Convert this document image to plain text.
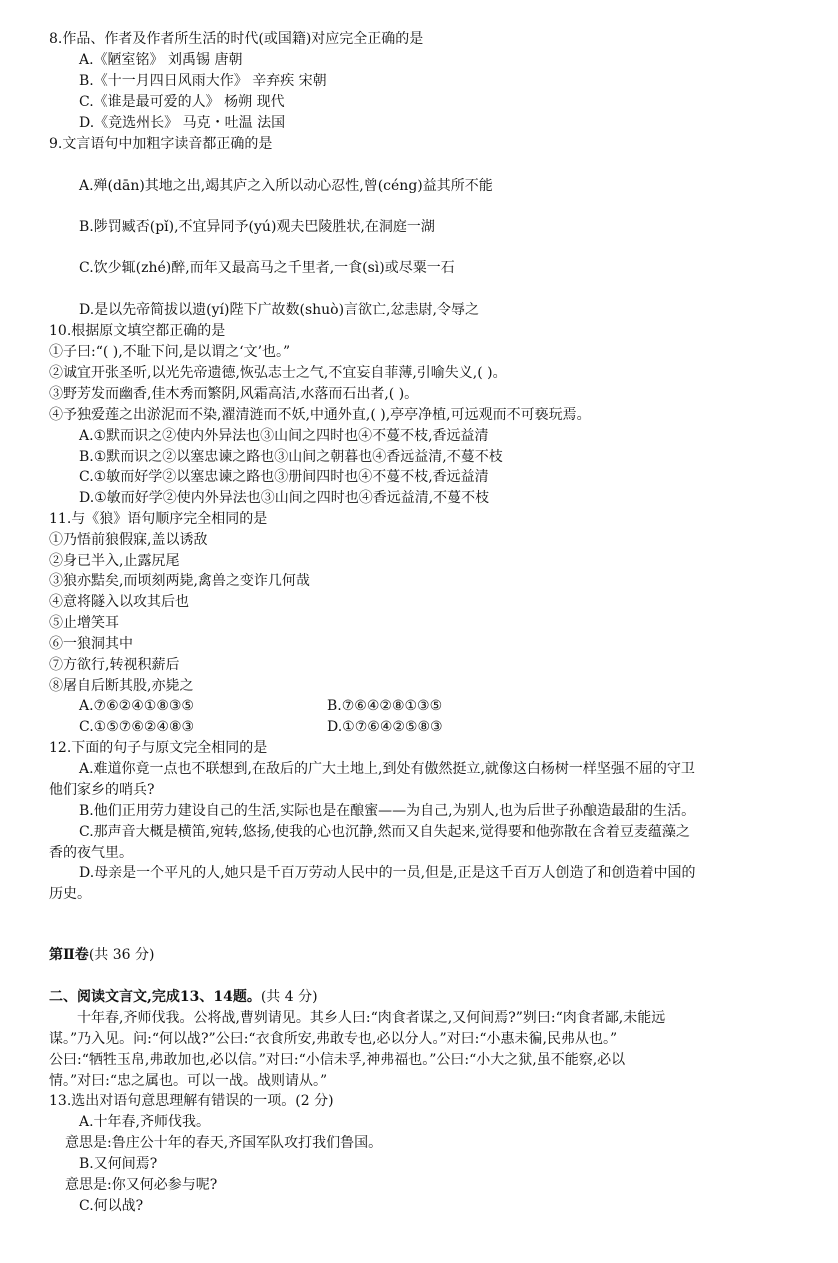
8.作品、作者及作者所生活的时代(或国籍)对应完全正确的是
A.《陋室铭》 刘禹锡 唐朝
B.《十一月四日风雨大作》 辛弃疾 宋朝
C.《谁是最可爱的人》 杨朔 现代
D.《竞选州长》 马克・吐温 法国
9.文言语句中加粗字读音都正确的是
A.殚(dān)其地之出,竭其庐之入所以动心忍性,曾(céng)益其所不能
B.陟罚臧否(pǐ),不宜异同予(yú)观夫巴陵胜状,在洞庭一湖
C.饮少辄(zhé)醉,而年又最高马之千里者,一食(sì)或尽粟一石
D.是以先帝简拔以遗(yí)陛下广故数(shuò)言欲亡,忿恚尉,令辱之
10.根据原文填空都正确的是
①子曰:“( ),不耻下问,是以谓之‘文’也。”
②诚宜开张圣听,以光先帝遗德,恢弘志士之气,不宜妄自菲薄,引喻失义,( )。
③野芳发而幽香,佳木秀而繁阴,风霜高洁,水落而石出者,( )。
④予独爱莲之出淤泥而不染,濯清涟而不妖,中通外直,( ),亭亭净植,可远观而不可亵玩焉。
A.①默而识之②使内外异法也③山间之四时也④不蔓不枝,香远益清
B.①默而识之②以塞忠谏之路也③山间之朝暮也④香远益清,不蔓不枝
C.①敏而好学②以塞忠谏之路也③册间四时也④不蔓不枝,香远益清
D.①敏而好学②使内外异法也③山间之四时也④香远益清,不蔓不枝
11.与《狼》语句顺序完全相同的是
①乃悟前狼假寐,盖以诱敌
②身已半入,止露尻尾
③狼亦黠矣,而顷刻两毙,禽兽之变诈几何哉
④意将隧入以攻其后也
⑤止增笑耳
⑥一狼洞其中
⑦方欲行,转视积薪后
⑧屠自后断其股,亦毙之
A.⑦⑥②④①⑧③⑤	B.⑦⑥④②⑧①③⑤
C.①⑤⑦⑥②④⑧③	D.①⑦⑥④②⑤⑧③
12.下面的句子与原文完全相同的是
A.难道你竟一点也不联想到,在敌后的广大土地上,到处有傲然挺立,就像这白杨树一样坚强不屈的守卫
他们家乡的哨兵?
B.他们正用劳力建设自己的生活,实际也是在酿蜜——为自己,为别人,也为后世子孙酿造最甜的生活。
C.那声音大概是横笛,宛转,悠扬,使我的心也沉静,然而又自失起来,觉得要和他弥散在含着豆麦蕴藻之
香的夜气里。
D.母亲是一个平凡的人,她只是千百万劳动人民中的一员,但是,正是这千百万人创造了和创造着中国的
历史。
第Ⅱ卷(共 36 分)
二、阅读文言文,完成13、14题。(共 4 分)
十年春,齐师伐我。公将战,曹刿请见。其乡人曰:“肉食者谋之,又何间焉?”刿曰:“肉食者鄙,未能远
谋。”乃入见。问:“何以战?”公曰:“衣食所安,弗敢专也,必以分人。”对曰:“小惠未徧,民弗从也。”
公曰:“牺牲玉帛,弗敢加也,必以信。”对曰:“小信未孚,神弗福也。”公曰:“小大之狱,虽不能察,必以
情。”对曰:“忠之属也。可以一战。战则请从。”
13.选出对语句意思理解有错误的一项。(2 分)
A.十年春,齐师伐我。
意思是:鲁庄公十年的春天,齐国军队攻打我们鲁国。
B.又何间焉?
意思是:你又何必参与呢?
C.何以战?
